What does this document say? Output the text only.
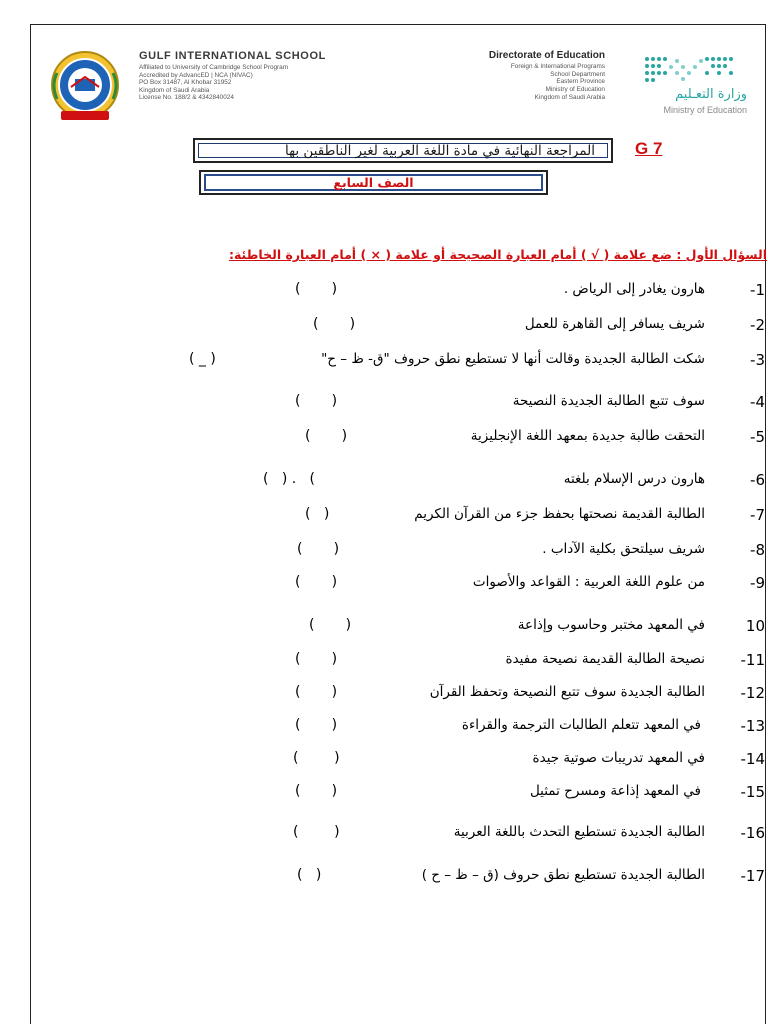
GULF INTERNATIONAL SCHOOL
Affiliated to University of Cambridge School Program
Accredited by AdvancED | NCA (NIVAC)
PO Box 31487, Al Khobar 31952
Kingdom of Saudi Arabia
License No. 188/2 & 4342840024
Directorate of Education
Foreign & International Programs
School Department
Eastern Province
Ministry of Education
Kingdom of Saudi Arabia	وزارة التعـليم
Ministry of Education
المراجعة النهائية في مادة اللغة العربية لغير الناطقين بها	G 7
الصف السابع
السؤال الأول : ضع علامة ( √ ) أمام العبارة الصحيحة أو علامة ( × ) أمام العبارة الخاطئة:
-1
هارون يغادر إلى الرياض .
(       )
-2
شريف يسافر إلى القاهرة للعمل
(       )
-3
شكت الطالبة الجديدة وقالت أنها لا تستطيع نطق حروف "ق- ظ – ح"
( _ )
-4
سوف تتبع الطالبة الجديدة النصيحة
(       )
-5
التحقت طالبة جديدة بمعهد اللغة الإنجليزية
(       )
-6
هارون درس الإسلام بلغته
(   ) .   (
-7
الطالبة القديمة نصحتها بحفظ جزء من القرآن الكريم
(   )
-8
شريف سيلتحق بكلية الآداب .
(       )
-9
من علوم اللغة العربية : القواعد والأصوات
(       )
10
في المعهد مختبر وحاسوب وإذاعة
(       )
-11
نصيحة الطالبة القديمة نصيحة مفيدة
(       )
-12
الطالبة الجديدة سوف تتبع النصيحة وتحفظ القرآن
(       )
-13
في المعهد تتعلم الطالبات الترجمة والقراءة
(       )
-14
في المعهد تدريبات صوتية جيدة
(        )
-15
في المعهد إذاعة ومسرح تمثيل
(       )
-16
الطالبة الجديدة تستطيع التحدث باللغة العربية
(        )
-17
الطالبة الجديدة تستطيع نطق حروف (ق – ظ – ح )
(   )
